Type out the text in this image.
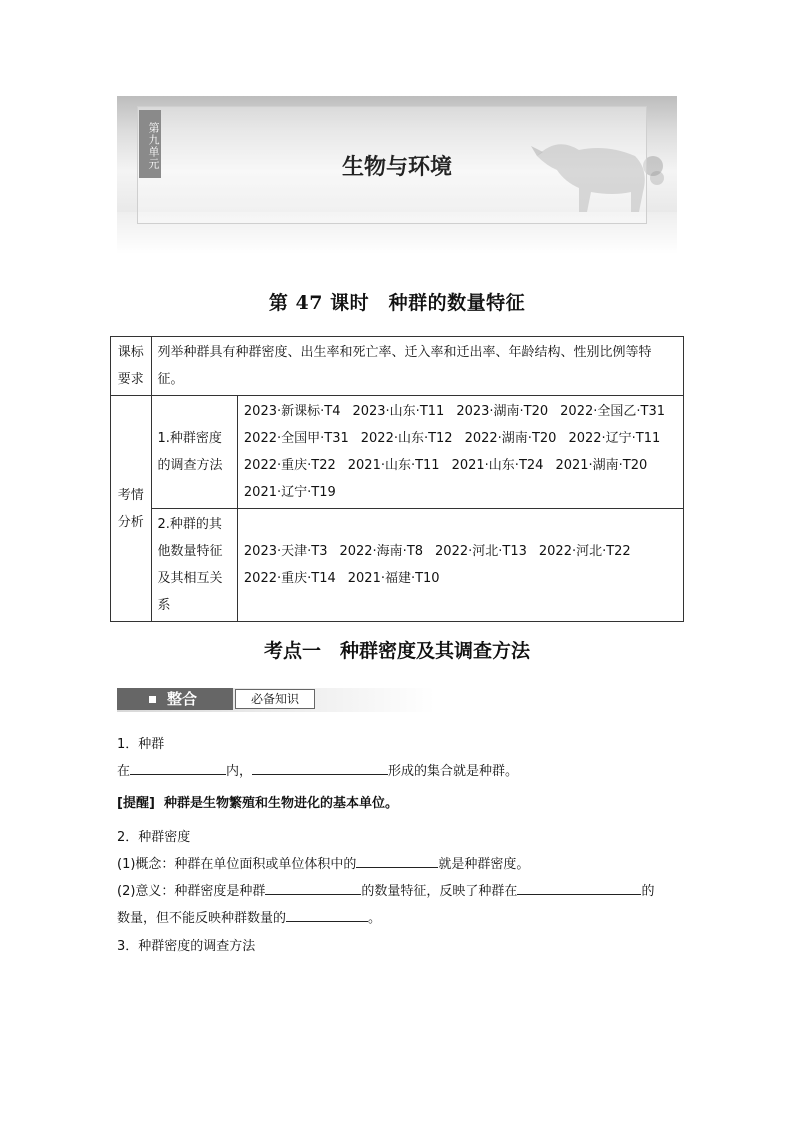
第九单元	生物与环境
第 47 课时　种群的数量特征
课标要求	列举种群具有种群密度、出生率和死亡率、迁入率和迁出率、年龄结构、性别比例等特征。	
考情分析	1.种群密度的调查方法	2023·新课标·T4 2023·山东·T11 2023·湖南·T20 2022·全国乙·T31
2022·全国甲·T31 2022·山东·T12 2022·湖南·T20 2022·辽宁·T11
2022·重庆·T22 2021·山东·T11 2021·山东·T24 2021·湖南·T20
2021·辽宁·T19
	2.种群的其他数量特征及其相互关系	2023·天津·T3 2022·海南·T8 2022·河北·T13 2022·河北·T22
2022·重庆·T14 2021·福建·T10
考点一　种群密度及其调查方法
整合	必备知识
1．种群
在	内，	形成的集合就是种群。
[提醒] 种群是生物繁殖和生物进化的基本单位。
2．种群密度
(1)概念：种群在单位面积或单位体积中的	就是种群密度。
(2)意义：种群密度是种群	的数量特征，反映了种群在	的
数量，但不能反映种群数量的	。
3．种群密度的调查方法
